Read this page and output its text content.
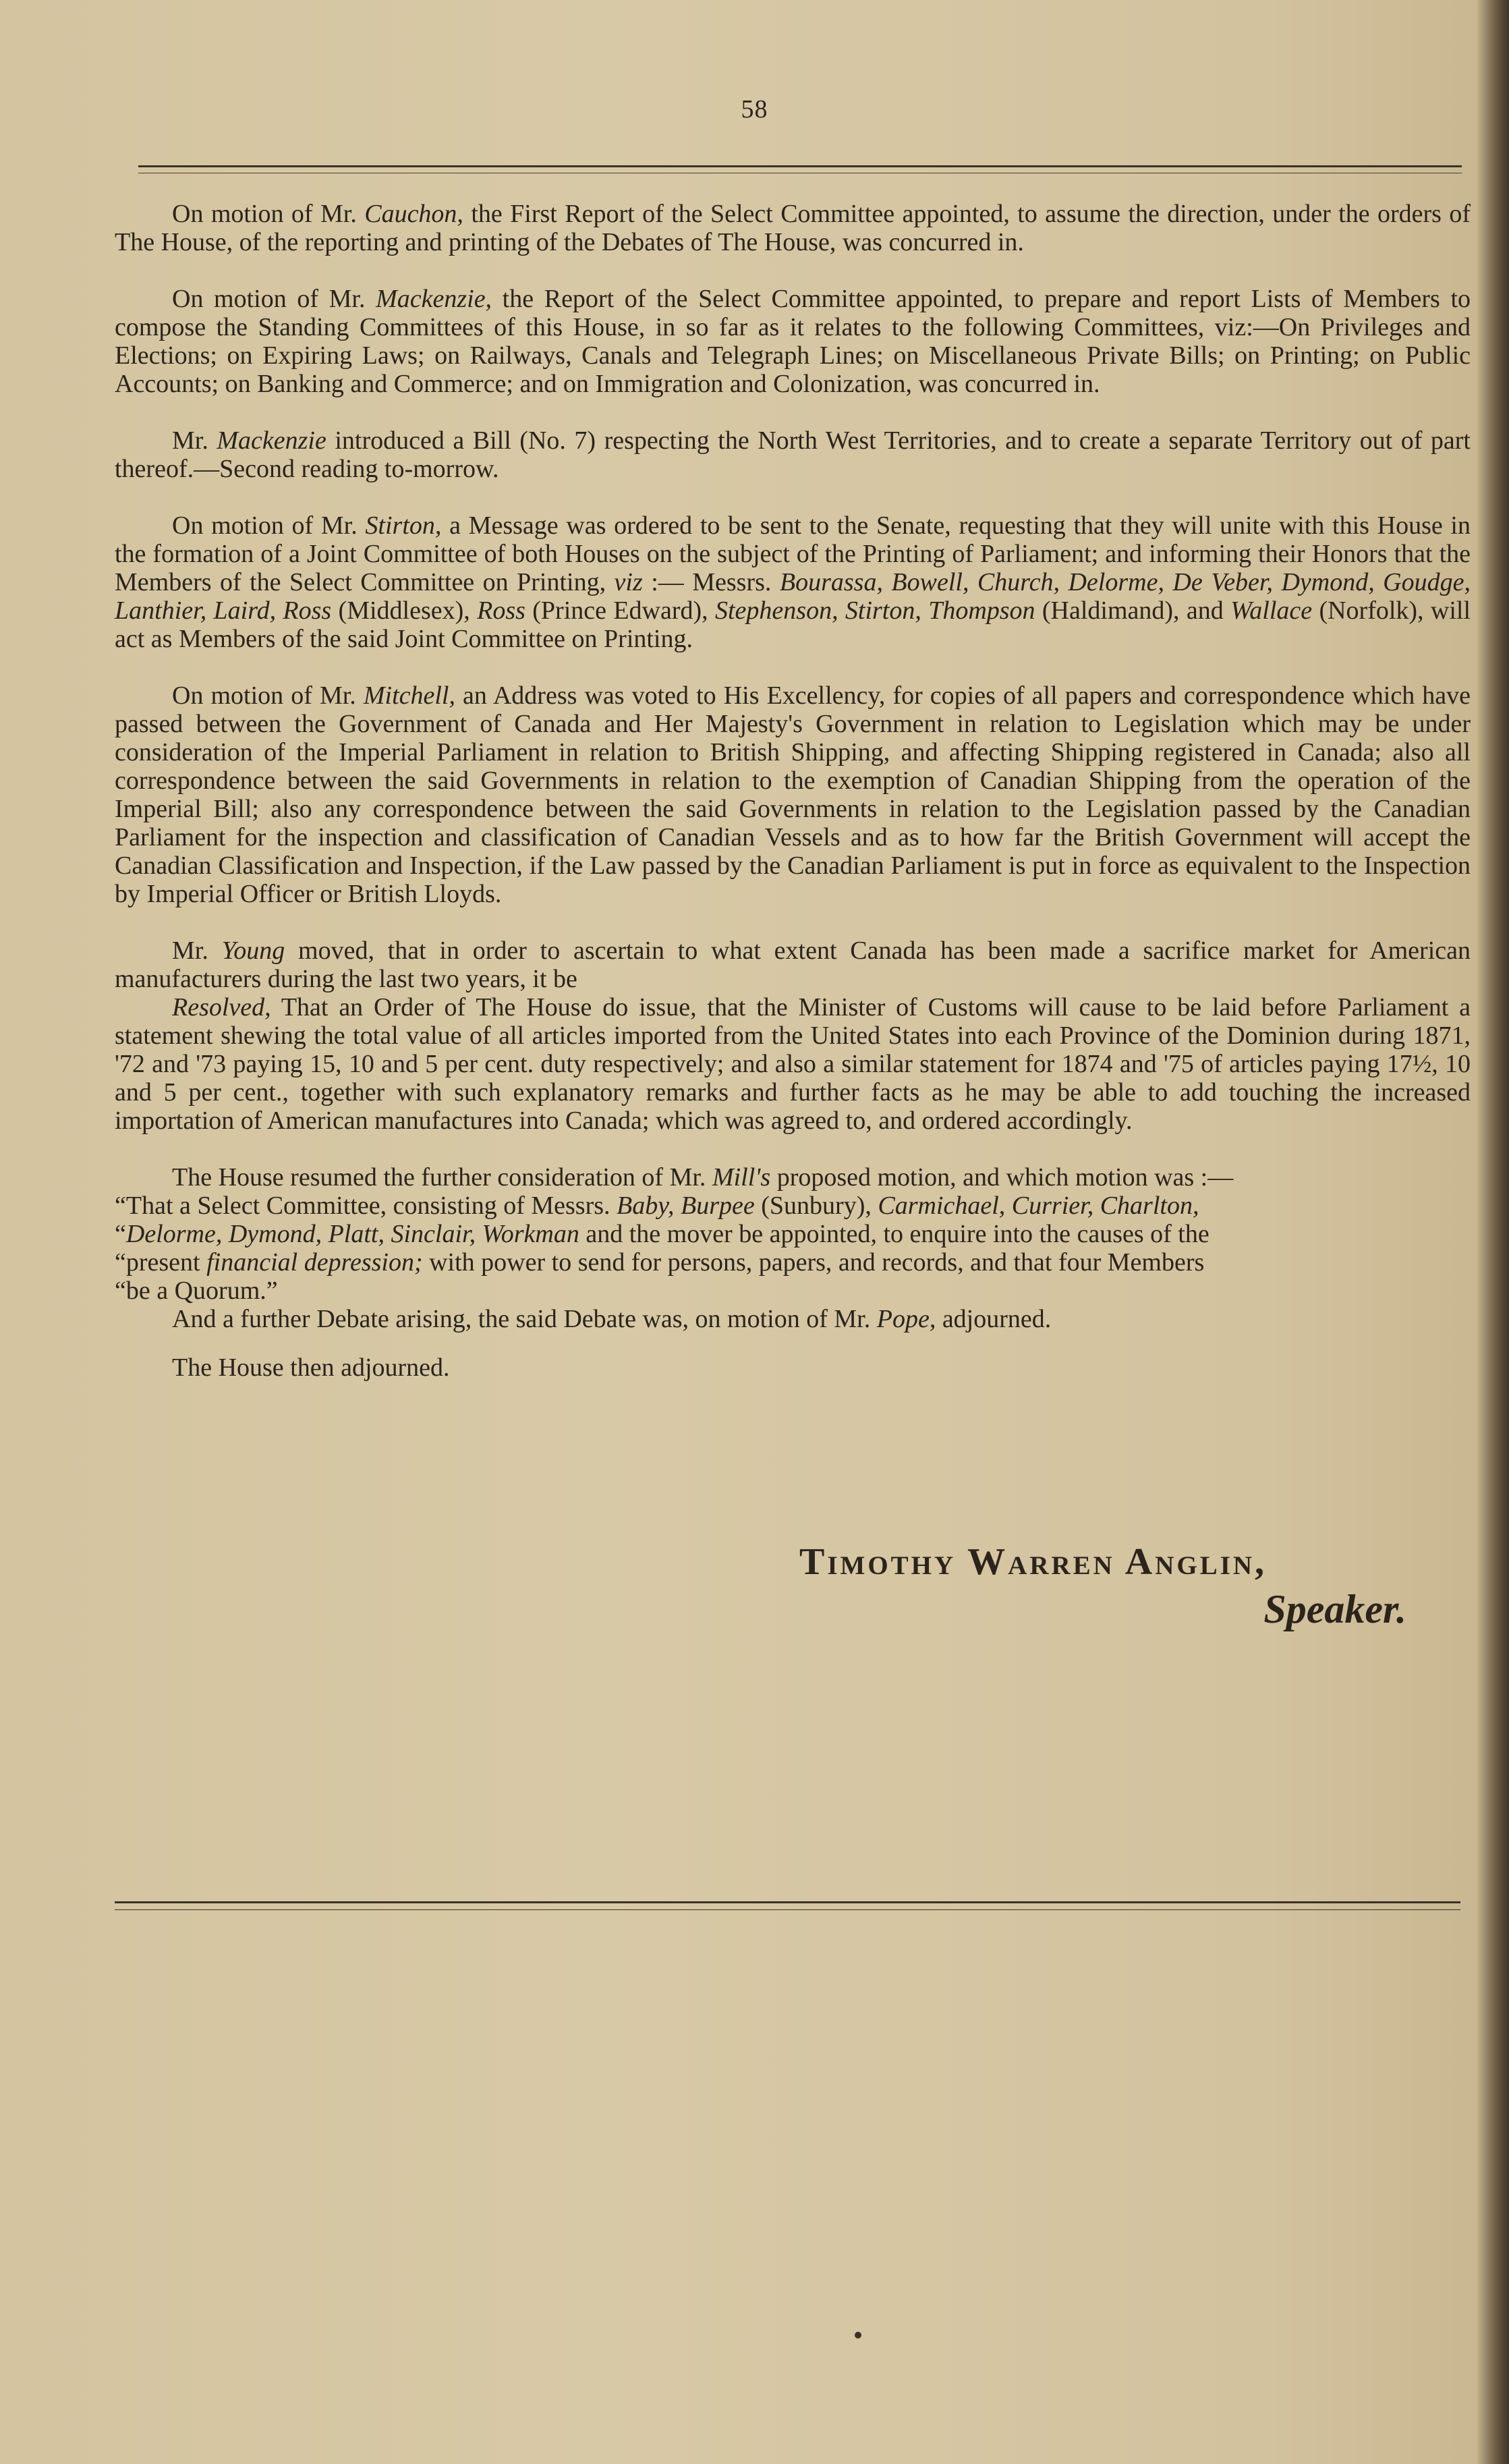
58

On motion of Mr. Cauchon, the First Report of the Select Committee appointed, to assume the direction, under the orders of The House, of the reporting and printing of the Debates of The House, was concurred in.

On motion of Mr. Mackenzie, the Report of the Select Committee appointed, to prepare and report Lists of Members to compose the Standing Committees of this House, in so far as it relates to the following Committees, viz:—On Privileges and Elections; on Expiring Laws; on Railways, Canals and Telegraph Lines; on Miscellaneous Private Bills; on Printing; on Public Accounts; on Banking and Commerce; and on Immigration and Colonization, was concurred in.

Mr. Mackenzie introduced a Bill (No. 7) respecting the North West Territories, and to create a separate Territory out of part thereof.—Second reading to-morrow.

On motion of Mr. Stirton, a Message was ordered to be sent to the Senate, requesting that they will unite with this House in the formation of a Joint Committee of both Houses on the subject of the Printing of Parliament; and informing their Honors that the Members of the Select Committee on Printing, viz :— Messrs. Bourassa, Bowell, Church, Delorme, De Veber, Dymond, Goudge, Lanthier, Laird, Ross (Middlesex), Ross (Prince Edward), Stephenson, Stirton, Thompson (Haldimand), and Wallace (Norfolk), will act as Members of the said Joint Committee on Printing.

On motion of Mr. Mitchell, an Address was voted to His Excellency, for copies of all papers and correspondence which have passed between the Government of Canada and Her Majesty's Government in relation to Legislation which may be under consideration of the Imperial Parliament in relation to British Shipping, and affecting Shipping registered in Canada; also all correspondence between the said Governments in relation to the exemption of Canadian Shipping from the operation of the Imperial Bill; also any correspondence between the said Governments in relation to the Legislation passed by the Canadian Parliament for the inspection and classification of Canadian Vessels and as to how far the British Government will accept the Canadian Classification and Inspection, if the Law passed by the Canadian Parliament is put in force as equivalent to the Inspection by Imperial Officer or British Lloyds.

Mr. Young moved, that in order to ascertain to what extent Canada has been made a sacrifice market for American manufacturers during the last two years, it be

Resolved, That an Order of The House do issue, that the Minister of Customs will cause to be laid before Parliament a statement shewing the total value of all articles imported from the United States into each Province of the Dominion during 1871, '72 and '73 paying 15, 10 and 5 per cent. duty respectively; and also a similar statement for 1874 and '75 of articles paying 17½, 10 and 5 per cent., together with such explanatory remarks and further facts as he may be able to add touching the increased importation of American manufactures into Canada; which was agreed to, and ordered accordingly.

The House resumed the further consideration of Mr. Mill's proposed motion, and which motion was :—

“That a Select Committee, consisting of Messrs. Baby, Burpee (Sunbury), Carmichael, Currier, Charlton,

“Delorme, Dymond, Platt, Sinclair, Workman and the mover be appointed, to enquire into the causes of the

“present financial depression; with power to send for persons, papers, and records, and that four Members

“be a Quorum.”

And a further Debate arising, the said Debate was, on motion of Mr. Pope, adjourned.

The House then adjourned.

Timothy Warren Anglin,
Speaker.
